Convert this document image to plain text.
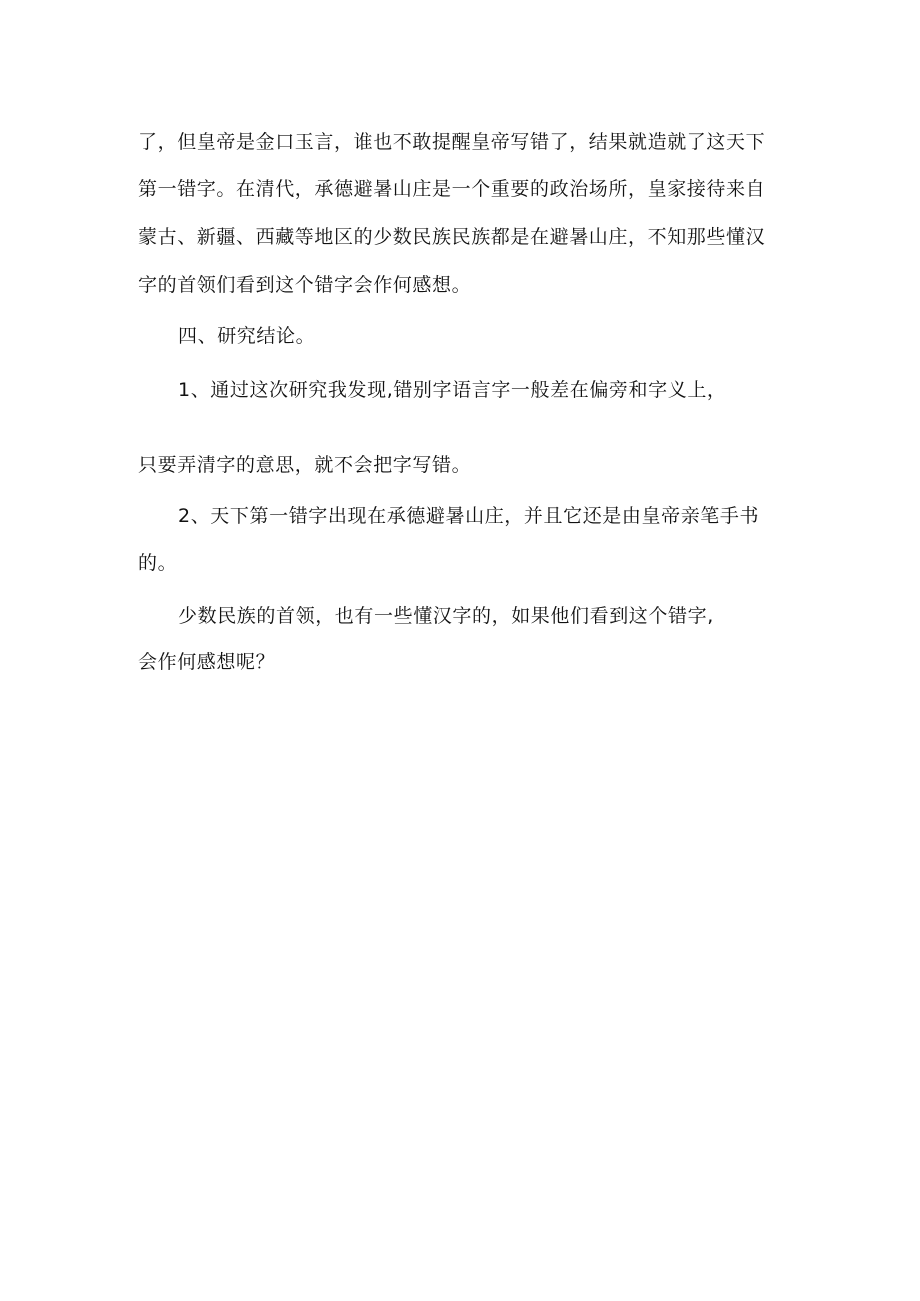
了，但皇帝是金口玉言，谁也不敢提醒皇帝写错了，结果就造就了这天下
第一错字。在清代，承德避暑山庄是一个重要的政治场所，皇家接待来自
蒙古、新疆、西藏等地区的少数民族民族都是在避暑山庄，不知那些懂汉
字的首领们看到这个错字会作何感想。
四、研究结论。
1、通过这次研究我发现,错别字语言字一般差在偏旁和字义上，
只要弄清字的意思，就不会把字写错。
2、天下第一错字出现在承德避暑山庄，并且它还是由皇帝亲笔手书
的。
少数民族的首领，也有一些懂汉字的，如果他们看到这个错字,
会作何感想呢？
